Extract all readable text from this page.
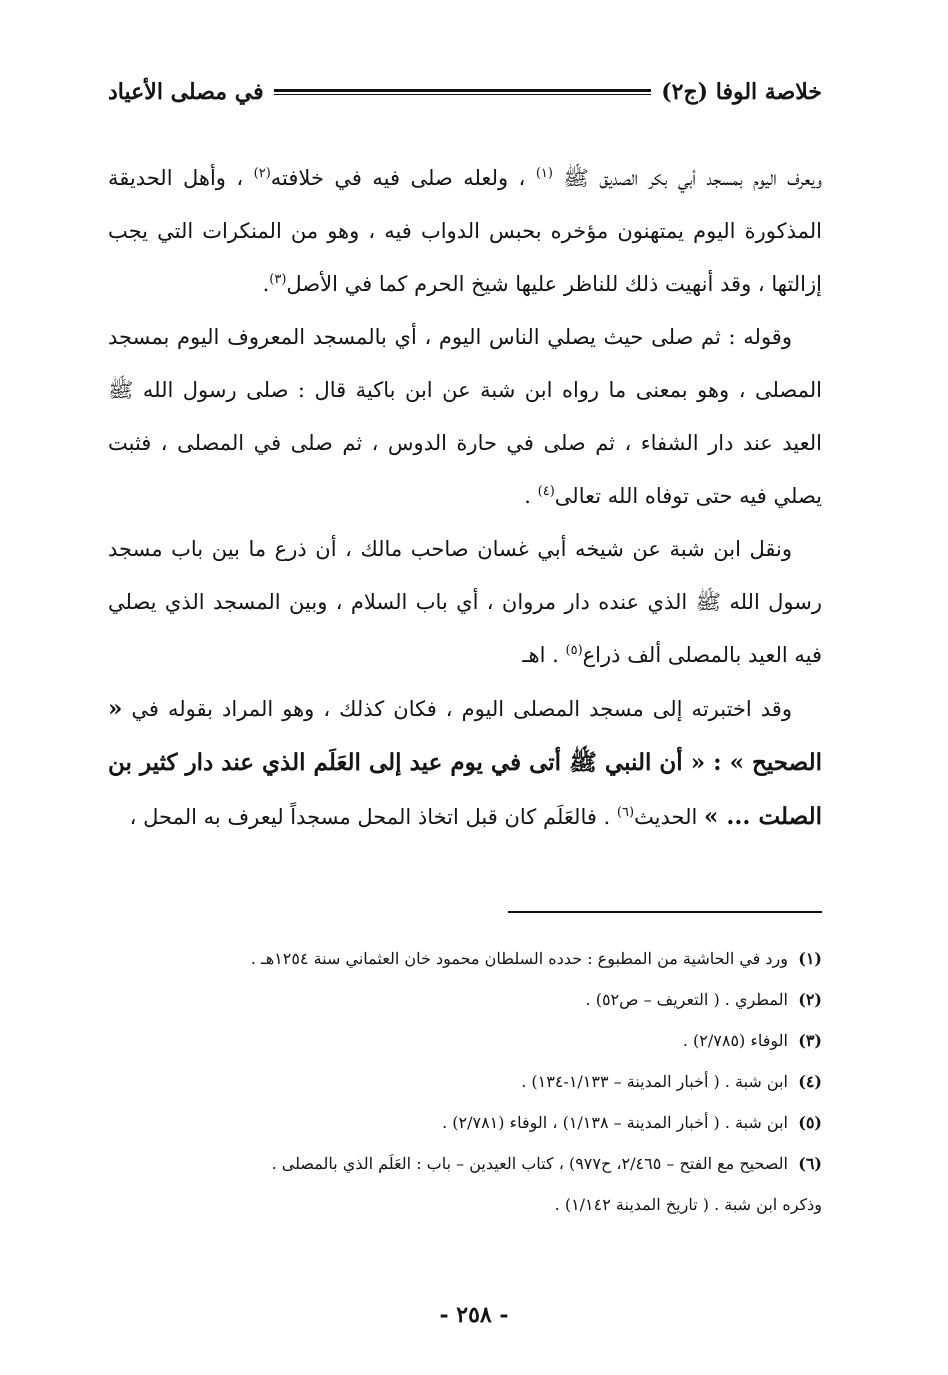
خلاصة الوفا (ج٢)
في مصلى الأعياد

ويعرف اليوم بمسجد أبي بكر الصديق ﷺ $^{(١)}$ ، ولعله صلى فيه في خلافته$^{(٢)}$ ، وأهل الحديقة المذكورة اليوم يمتهنون مؤخره بحبس الدواب فيه ، وهو من المنكرات التي يجب إزالتها ، وقد أنهيت ذلك للناظر عليها شيخ الحرم كما في الأصل$^{(٣)}$.

وقوله : ثم صلى حيث يصلي الناس اليوم ، أي بالمسجد المعروف اليوم بمسجد المصلى ، وهو بمعنى ما رواه ابن شبة عن ابن باكية قال : صلى رسول الله ﷺ العيد عند دار الشفاء ، ثم صلى في حارة الدوس ، ثم صلى في المصلى ، فثبت يصلي فيه حتى توفاه الله تعالى$^{(٤)}$ .

ونقل ابن شبة عن شيخه أبي غسان صاحب مالك ، أن ذرع ما بين باب مسجد رسول الله ﷺ الذي عنده دار مروان ، أي باب السلام ، وبين المسجد الذي يصلي فيه العيد بالمصلى ألف ذراع$^{(٥)}$ . اهـ

وقد اختبرته إلى مسجد المصلى اليوم ، فكان كذلك ، وهو المراد بقوله في « الصحيح » : « أن النبي ﷺ أتى في يوم عيد إلى العَلَم الذي عند دار كثير بن الصلت ... » الحديث$^{(٦)}$ . فالعَلَم كان قبل اتخاذ المحل مسجداً ليعرف به المحل ،

(١)ورد في الحاشية من المطبوع : حدده السلطان محمود خان العثماني سنة ١٢٥٤هـ .
(٢)المطري . ( التعريف – ص٥٢) .
(٣)الوفاء (٢/٧٨٥) .
(٤)ابن شبة . ( أخبار المدينة – ١/١٣٣-١٣٤) .
(٥)ابن شبة . ( أخبار المدينة – ١/١٣٨) ، الوفاء (٢/٧٨١) .
(٦)الصحيح مع الفتح – ٢/٤٦٥، ح٩٧٧) ، كتاب العيدين – باب : العَلَم الذي بالمصلى .
وذكره ابن شبة . ( تاريخ المدينة ١/١٤٢) .
- ٢٥٨ -
